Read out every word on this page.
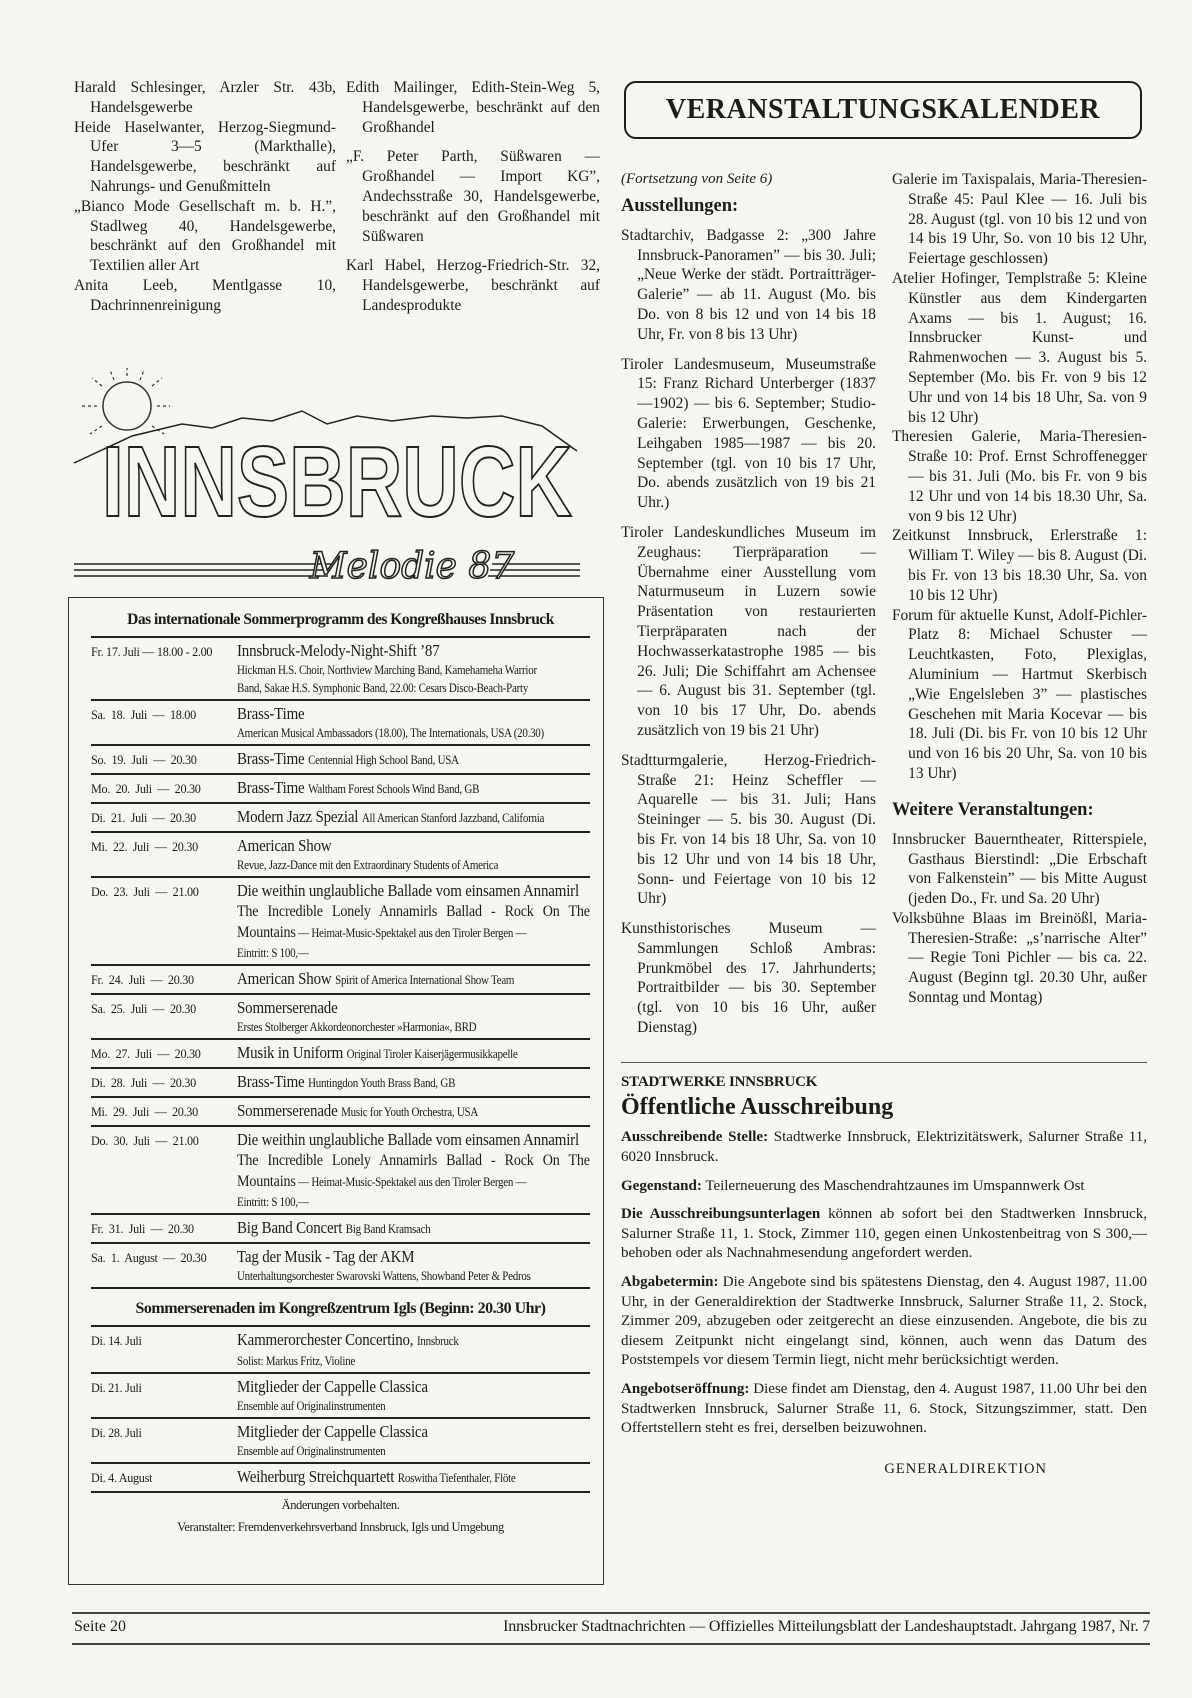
Harald Schlesinger, Arzler Str. 43b, Handelsgewerbe
Heide Haselwanter, Herzog-Siegmund-Ufer 3—5 (Markthalle), Handelsgewerbe, beschränkt auf Nahrungs- und Genußmitteln
„Bianco Mode Gesellschaft m. b. H.”, Stadlweg 40, Handelsgewerbe, beschränkt auf den Großhandel mit Textilien aller Art
Anita Leeb, Mentlgasse 10, Dachrinnenreinigung
Edith Mailinger, Edith-Stein-Weg 5, Handelsgewerbe, beschränkt auf den Großhandel
„F. Peter Parth, Süßwaren — Großhandel — Import KG”, Andechsstraße 30, Handelsgewerbe, beschränkt auf den Großhandel mit Süßwaren
Karl Habel, Herzog-Friedrich-Str. 32, Handelsgewerbe, beschränkt auf Landesprodukte
INNSBRUCK
Melodie 87
Das internationale Sommerprogramm des Kongreßhauses Innsbruck
Fr. 17. Juli — 18.00 - 2.00	Innsbruck-Melody-Night-Shift ’87
Hickman H.S. Choir, Northview Marching Band, Kamehameha Warrior
Band, Sakae H.S. Symphonic Band, 22.00: Cesars Disco-Beach-Party
Sa.  18.  Juli  —  18.00	Brass-Time
American Musical Ambassadors (18.00), The Internationals, USA (20.30)
So.  19.  Juli  —  20.30	Brass-Time Centennial High School Band, USA
Mo.  20.  Juli  —  20.30	Brass-Time Waltham Forest Schools Wind Band, GB
Di.  21.  Juli  —  20.30	Modern Jazz Spezial All American Stanford Jazzband, California
Mi.  22.  Juli  —  20.30	American Show
Revue, Jazz-Dance mit den Extraordinary Students of America
Do.  23.  Juli  —  21.00	Die weithin unglaubliche Ballade vom einsamen Annamirl
The Incredible Lonely Annamirls Ballad - Rock On The Mountains — Heimat-Music-Spektakel aus den Tiroler Bergen —
Eintritt: S 100,—
Fr.  24.  Juli  —  20.30	American Show Spirit of America International Show Team
Sa.  25.  Juli  —  20.30	Sommerserenade
Erstes Stolberger Akkordeonorchester »Harmonia«, BRD
Mo.  27.  Juli  —  20.30	Musik in Uniform Original Tiroler Kaiserjägermusikkapelle
Di.  28.  Juli  —  20.30	Brass-Time Huntingdon Youth Brass Band, GB
Mi.  29.  Juli  —  20.30	Sommerserenade Music for Youth Orchestra, USA
Do.  30.  Juli  —  21.00	Die weithin unglaubliche Ballade vom einsamen Annamirl
The Incredible Lonely Annamirls Ballad - Rock On The Mountains — Heimat-Music-Spektakel aus den Tiroler Bergen —
Eintritt: S 100,—
Fr.  31.  Juli  —  20.30	Big Band Concert Big Band Kramsach
Sa.  1.  August  —  20.30	Tag der Musik - Tag der AKM
Unterhaltungsorchester Swarovski Wattens, Showband Peter & Pedros
Sommerserenaden im Kongreßzentrum Igls (Beginn: 20.30 Uhr)
Di. 14. Juli	Kammerorchester Concertino, Innsbruck
Solist: Markus Fritz, Violine
Di. 21. Juli	Mitglieder der Cappelle Classica
Ensemble auf Originalinstrumenten
Di. 28. Juli	Mitglieder der Cappelle Classica
Ensemble auf Originalinstrumenten
Di. 4. August	Weiherburg Streichquartett Roswitha Tiefenthaler, Flöte
Änderungen vorbehalten.
Veranstalter: Fremdenverkehrsverband Innsbruck, Igls und Umgebung
VERANSTALTUNGSKALENDER
(Fortsetzung von Seite 6)
Ausstellungen:
Stadtarchiv, Badgasse 2: „300 Jahre Innsbruck-Panoramen” — bis 30. Juli; „Neue Werke der städt. Portraitträger-Galerie” — ab 11. August (Mo. bis Do. von 8 bis 12 und von 14 bis 18 Uhr, Fr. von 8 bis 13 Uhr)
Tiroler Landesmuseum, Museumstraße 15: Franz Richard Unterberger (1837—1902) — bis 6. September; Studio-Galerie: Erwerbungen, Geschenke, Leihgaben 1985—1987 — bis 20. September (tgl. von 10 bis 17 Uhr, Do. abends zusätzlich von 19 bis 21 Uhr.)
Tiroler Landeskundliches Museum im Zeughaus: Tierpräparation — Übernahme einer Ausstellung vom Naturmuseum in Luzern sowie Präsentation von restaurierten Tierpräparaten nach der Hochwasserkatastrophe 1985 — bis 26. Juli; Die Schiffahrt am Achensee — 6. August bis 31. September (tgl. von 10 bis 17 Uhr, Do. abends zusätzlich von 19 bis 21 Uhr)
Stadtturmgalerie, Herzog-Friedrich-Straße 21: Heinz Scheffler — Aquarelle — bis 31. Juli; Hans Steininger — 5. bis 30. August (Di. bis Fr. von 14 bis 18 Uhr, Sa. von 10 bis 12 Uhr und von 14 bis 18 Uhr, Sonn- und Feiertage von 10 bis 12 Uhr)
Kunsthistorisches Museum — Sammlungen Schloß Ambras: Prunkmöbel des 17. Jahrhunderts; Portraitbilder — bis 30. September (tgl. von 10 bis 16 Uhr, außer Dienstag)
Galerie im Taxispalais, Maria-Theresien-Straße 45: Paul Klee — 16. Juli bis 28. August (tgl. von 10 bis 12 und von 14 bis 19 Uhr, So. von 10 bis 12 Uhr, Feiertage geschlossen)
Atelier Hofinger, Templstraße 5: Kleine Künstler aus dem Kindergarten Axams — bis 1. August; 16. Innsbrucker Kunst- und Rahmenwochen — 3. August bis 5. September (Mo. bis Fr. von 9 bis 12 Uhr und von 14 bis 18 Uhr, Sa. von 9 bis 12 Uhr)
Theresien Galerie, Maria-Theresien-Straße 10: Prof. Ernst Schroffenegger — bis 31. Juli (Mo. bis Fr. von 9 bis 12 Uhr und von 14 bis 18.30 Uhr, Sa. von 9 bis 12 Uhr)
Zeitkunst Innsbruck, Erlerstraße 1: William T. Wiley — bis 8. August (Di. bis Fr. von 13 bis 18.30 Uhr, Sa. von 10 bis 12 Uhr)
Forum für aktuelle Kunst, Adolf-Pichler-Platz 8: Michael Schuster — Leuchtkasten, Foto, Plexiglas, Aluminium — Hartmut Skerbisch „Wie Engelsleben 3” — plastisches Geschehen mit Maria Kocevar — bis 18. Juli (Di. bis Fr. von 10 bis 12 Uhr und von 16 bis 20 Uhr, Sa. von 10 bis 13 Uhr)
Weitere Veranstaltungen:
Innsbrucker Bauerntheater, Ritterspiele, Gasthaus Bierstindl: „Die Erbschaft von Falkenstein” — bis Mitte August (jeden Do., Fr. und Sa. 20 Uhr)
Volksbühne Blaas im Breinößl, Maria-Theresien-Straße: „s’narrische Alter” — Regie Toni Pichler — bis ca. 22. August (Beginn tgl. 20.30 Uhr, außer Sonntag und Montag)
STADTWERKE INNSBRUCK
Öffentliche Ausschreibung

Ausschreibende Stelle: Stadtwerke Innsbruck, Elektrizitätswerk, Salurner Straße 11, 6020 Innsbruck.

Gegenstand: Teilerneuerung des Maschendrahtzaunes im Umspannwerk Ost

Die Ausschreibungsunterlagen können ab sofort bei den Stadtwerken Innsbruck, Salurner Straße 11, 1. Stock, Zimmer 110, gegen einen Unkostenbeitrag von S 300,— behoben oder als Nachnahmesendung angefordert werden.

Abgabetermin: Die Angebote sind bis spätestens Dienstag, den 4. August 1987, 11.00 Uhr, in der Generaldirektion der Stadtwerke Innsbruck, Salurner Straße 11, 2. Stock, Zimmer 209, abzugeben oder zeitgerecht an diese einzusenden. Angebote, die bis zu diesem Zeitpunkt nicht eingelangt sind, können, auch wenn das Datum des Poststempels vor diesem Termin liegt, nicht mehr berücksichtigt werden.

Angebotseröffnung: Diese findet am Dienstag, den 4. August 1987, 11.00 Uhr bei den Stadtwerken Innsbruck, Salurner Straße 11, 6. Stock, Sitzungszimmer, statt. Den Offertstellern steht es frei, derselben beizuwohnen.

GENERALDIREKTION
Seite 20	Innsbrucker Stadtnachrichten — Offizielles Mitteilungsblatt der Landeshauptstadt. Jahrgang 1987, Nr. 7
